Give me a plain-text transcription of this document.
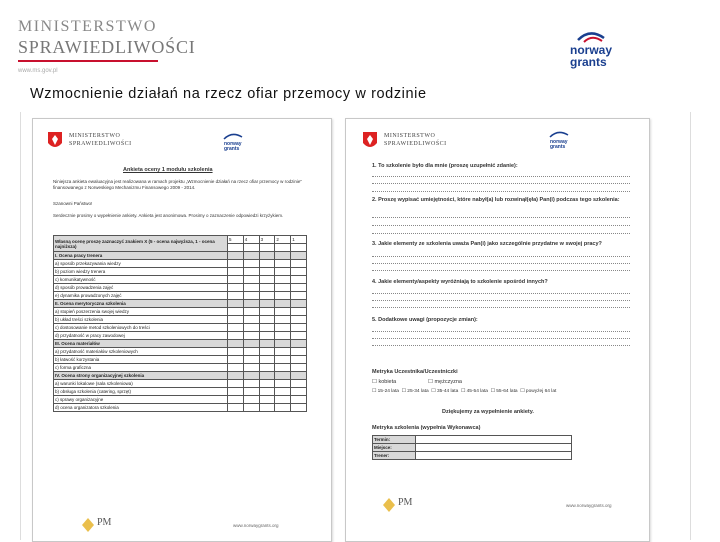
MINISTERSTWO
SPRAWIEDLIWOŚCI
www.ms.gov.pl
norway
grants
Wzmocnienie działań na rzecz ofiar przemocy w rodzinie
MINISTERSTWO
SPRAWIEDLIWOŚCI	norway
grants
Ankieta oceny 1 modułu szkolenia
Niniejsza ankieta ewaluacyjna jest realizowana w ramach projektu „Wzmocnienie działań na rzecz ofiar przemocy w rodzinie” finansowanego z Norweskiego Mechanizmu Finansowego 2009 - 2014.
Szanowni Państwo!
Serdecznie prosimy o wypełnienie ankiety. Ankieta jest anonimowa. Prosimy o zaznaczenie odpowiedzi krzyżykiem.
Własną ocenę proszę zaznaczyć znakiem X (5 - ocena najwyższa, 1 - ocena najniższa)	5	4	3	2	1

I. Ocena pracy trenera					
a) sposób przekazywania wiedzy					
b) poziom wiedzy trenera					
c) komunikatywność					
d) sposób prowadzenia zajęć					
e) dynamika prowadzonych zajęć					
II. Ocena merytoryczna szkolenia					
a) stopień poszerzenia swojej wiedzy					
b) układ treści szkolenia					
c) dostosowanie metod szkoleniowych do treści					
d) przydatność w pracy zawodowej					
III. Ocena materiałów					
a) przydatność materiałów szkoleniowych					
b) łatwość korzystania					
c) forma graficzna					
IV. Ocena strony organizacyjnej szkolenia					
a) warunki lokalowe (sala szkoleniowa)					
b) obsługa szkolenia (catering, sprzęt)					
c) sprawy organizacyjne					
d) ocena organizatora szkolenia					
PM	www.norwaygrants.org
MINISTERSTWO
SPRAWIEDLIWOŚCI	norway
grants
1. To szkolenie było dla mnie (proszę uzupełnić zdanie):
2. Proszę wypisać umiejętności, które nabył(a) lub rozwinął(ęła) Pan(i) podczas tego szkolenia:
3. Jakie elementy ze szkolenia uważa Pan(i) jako szczególnie przydatne w swojej pracy?
4. Jakie elementy/aspekty wyróżniają to szkolenie spośród innych?
5. Dodatkowe uwagi (propozycje zmian):
Metryka Uczestnika/Uczestniczki
☐ kobieta	☐ mężczyzna
☐ 15-24 lata  ☐ 25-34 lata  ☐ 35-44 lata  ☐ 45-54 lata  ☐ 55-64 lata  ☐ powyżej 64 lat
Dziękujemy za wypełnienie ankiety.
Metryka szkolenia (wypełnia Wykonawca)
Termin:	
Miejsce:	
Trener:	
PM	www.norwaygrants.org
